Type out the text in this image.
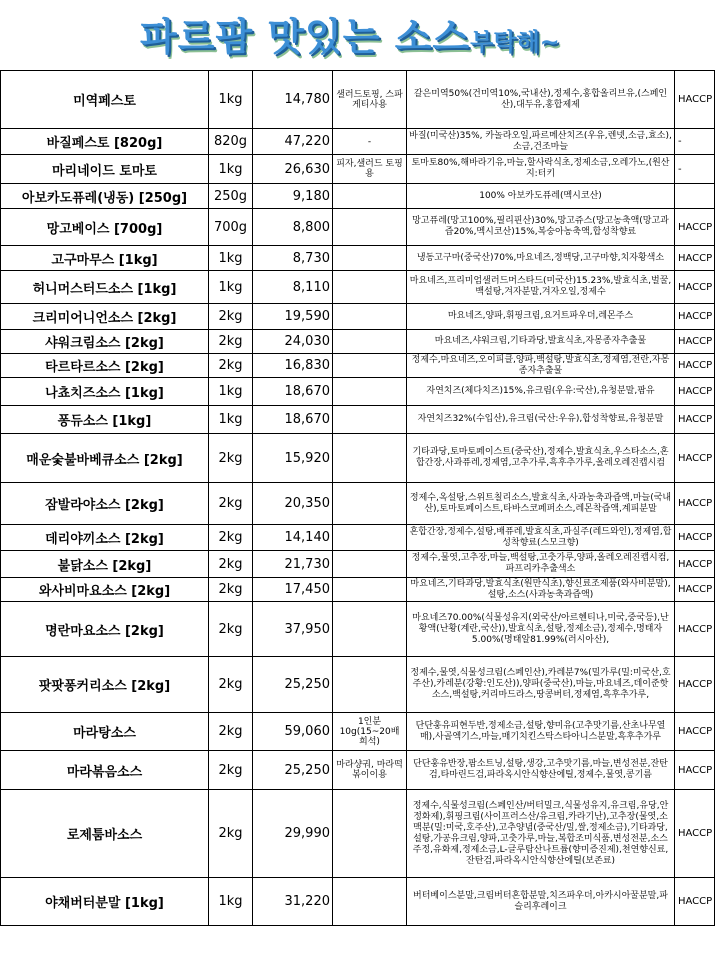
파르팜 맛있는 소스부탁해~
미역페스토	1kg	14,780	샐러드토핑, 스파게티사용	갈은미역50%(건미역10%,국내산),정제수,홍합올리브유,(스페인산),대두유,홍합제제	HACCP
바질페스토 [820g]	820g	47,220	-	바질(미국산)35%, 카놀라오일,파르메산치즈(우유,렌넷,소금,효소),소금,건조마늘	-
마리네이드 토마토	1kg	26,630	피자,샐러드 토핑용	토마토80%,해바라기유,마늘,할사락식초,정제소금,오레가노,(원산지:터키	-
아보카도퓨레(냉동) [250g]	250g	9,180		100% 아보카도퓨레(멕시코산)	
망고베이스 [700g]	700g	8,800		망고퓨레(망고100%,필리핀산)30%,망고쥬스(망고농축액(망고과즙20%,멕시코산)15%,복숭아농축액,합성착향료	HACCP
고구마무스 [1kg]	1kg	8,730		냉동고구마(중국산)70%,마요네즈,정백당,고구마향,치자황색소	HACCP
허니머스터드소스 [1kg]	1kg	8,110		마요네즈,프리미엄샐러드머스타드(미국산)15.23%,발효식초,벌꿀,백설탕,겨자분말,겨자오일,정제수	HACCP
크리미어니언소스 [2kg]	2kg	19,590		마요네즈,양파,휘핑크림,요거트파우더,레몬주스	HACCP
샤워크림소스 [2kg]	2kg	24,030		마요네즈,샤워크림,기타과당,발효식초,자몽종자추출물	HACCP
타르타르소스 [2kg]	2kg	16,830		정제수,마요네즈,오이피클,양파,백설탕,발효식초,정제염,전란,자몽종자추출물	HACCP
나쵸치즈소스 [1kg]	1kg	18,670		자연치즈(체다치즈)15%,유크림(우유:국산),유청분말,팜유	HACCP
퐁듀소스 [1kg]	1kg	18,670		자연치즈32%(수입산),유크림(국산:우유),합성착향료,유청분말	HACCP
매운숯불바베큐소스 [2kg]	2kg	15,920		기타과당,토마토페이스트(중국산),정제수,발효식초,우스타소스,혼합간장,사과퓨레,정제염,고추가루,흑후추가루,올레오레진캡시컴	HACCP
잠발라야소스 [2kg]	2kg	20,350		정제수,옥설탕,스위트칠리소스,발효식초,사과농축과즙액,마늘(국내산),토마토페이스트,타바스코페퍼소스,레몬착즙액,계피분말	HACCP
데리야끼소스 [2kg]	2kg	14,140		혼합간장,정제수,설탕,배퓨레,발효식초,과실주(레드와인),정제염,합성착향료(스모크향)	HACCP
불닭소스 [2kg]	2kg	21,730		정제수,물엿,고추장,마늘,백설탕,고춧가루,양파,올레오레진캡시컴,파프리카추출색소	HACCP
와사비마요소스 [2kg]	2kg	17,450		마요네즈,기타과당,발효식초(원만식초),향신료조제품(와사비분말),설탕,소스(사과농축과즙액)	HACCP
명란마요소스 [2kg]	2kg	37,950		마요네즈70.00%(식물성유지(외국산/아르헨티나,미국,중국등),난황액(난황(계란,국산)),발효식초,설탕,정제소금),정제수,명태자5.00%(명태알81.99%(러시아산),	HACCP
팟팟퐁커리소스 [2kg]	2kg	25,250		정제수,물엿,식물성크림(스페인산),카레분7%(밀가루(밀:미국산,호주산),카레분(강황:인도산)),양파(중국산),마늘,마요네즈,데이준핫소스,백설탕,커리마드라스,땅콩버터,정제염,흑후추가루,	HACCP
마라탕소스	2kg	59,060	1인분 10g(15~20배 희석)	단단훙유피현두반,정제소금,설탕,향미유(고추맛기름,산초나무열매),사골엑기스,마늘,매기치킨스탁스타아니스분말,흑후추가루	HACCP
마라볶음소스	2kg	25,250	마라샹궈, 마라떡볶이이용	단단훙유반장,팜소트닝,설탕,생강,고추맛기름,마늘,변성전분,잔탄검,타마린드검,파라옥시안식향산에틸,정제수,물엿,콩기름	HACCP
로제툼바소스	2kg	29,990		정제수,식물성크림(스페인산/버터밀크,식물성유지,유크림,유당,안정화제),휘핑크림(사이프러스산/유크림,카라기난),고추장(물엿,소맥분(밀:미국,호주산),고추양념(중국산/밀,쌀,정제소금),기타과당,설탕,가공유크림,양파,고춧가루,마늘,복합조미식품,변성전분,소스주정,유화제,정제소금,L-글루탐산나트륨(향미증진제),천연향신료,잔탄검,파라옥시안식향산에틸(보존료)	HACCP
야채버터분말 [1kg]	1kg	31,220		버터베이스분말,크림버터혼합분말,치즈파우더,아카시아꿀분말,파슬리후레이크	HACCP
